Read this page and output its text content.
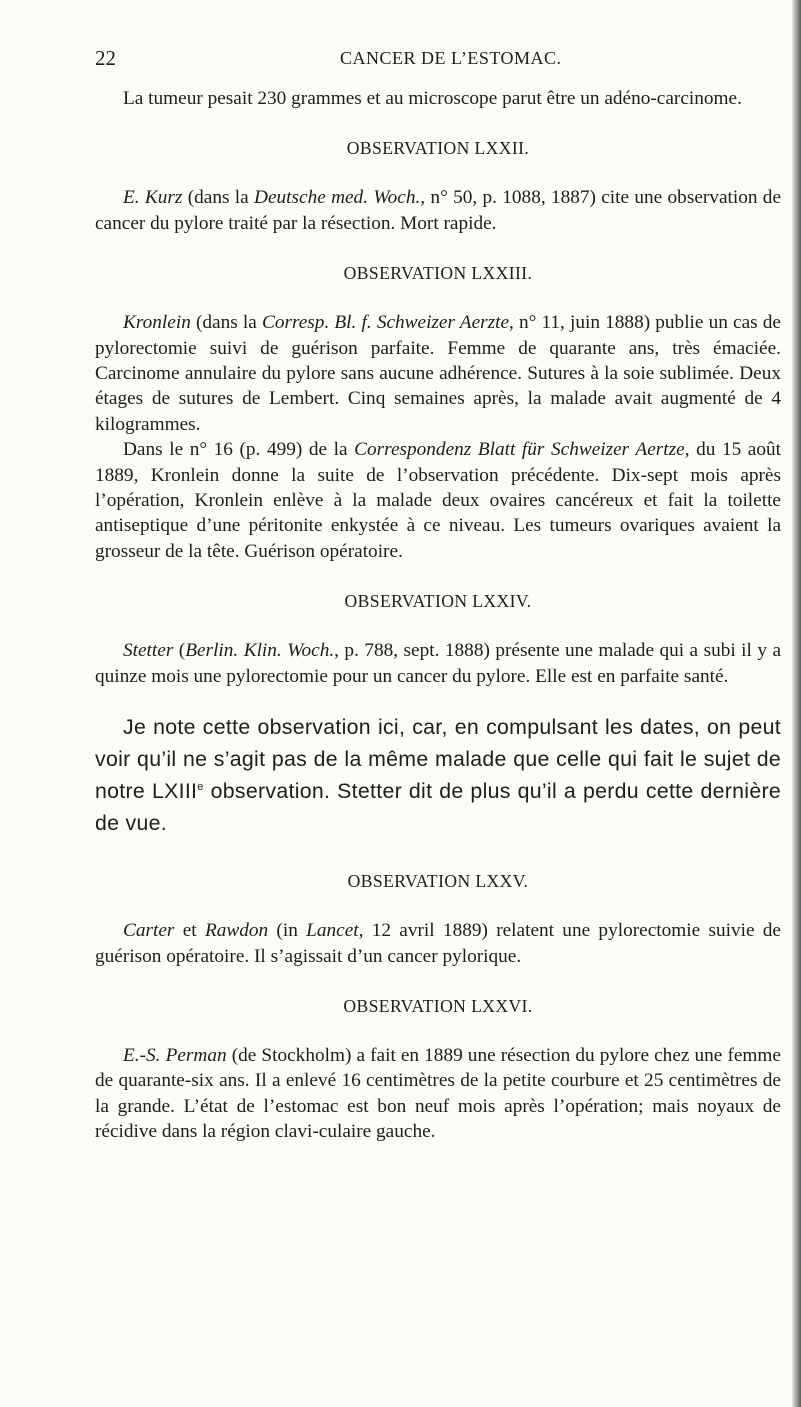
22	CANCER DE L’ESTOMAC.

La tumeur pesait 230 grammes et au microscope parut être un adéno-carcinome.

OBSERVATION LXXII.

E. Kurz (dans la Deutsche med. Woch., n° 50, p. 1088, 1887) cite une observation de cancer du pylore traité par la résection. Mort rapide.

OBSERVATION LXXIII.

Kronlein (dans la Corresp. Bl. f. Schweizer Aerzte, n° 11, juin 1888) publie un cas de pylorectomie suivi de guérison parfaite. Femme de quarante ans, très émaciée. Carcinome annulaire du pylore sans aucune adhérence. Sutures à la soie sublimée. Deux étages de sutures de Lembert. Cinq semaines après, la malade avait augmenté de 4 kilogrammes.

Dans le n° 16 (p. 499) de la Correspondenz Blatt für Schweizer Aertze, du 15 août 1889, Kronlein donne la suite de l’observation précédente. Dix-sept mois après l’opération, Kronlein enlève à la malade deux ovaires cancéreux et fait la toilette antiseptique d’une péritonite enkystée à ce niveau. Les tumeurs ovariques avaient la grosseur de la tête. Guérison opératoire.

OBSERVATION LXXIV.

Stetter (Berlin. Klin. Woch., p. 788, sept. 1888) présente une malade qui a subi il y a quinze mois une pylorectomie pour un cancer du pylore. Elle est en parfaite santé.

Je note cette observation ici, car, en compulsant les dates, on peut voir qu’il ne s’agit pas de la même malade que celle qui fait le sujet de notre LXIIIe observation. Stetter dit de plus qu’il a perdu cette dernière de vue.

OBSERVATION LXXV.

Carter et Rawdon (in Lancet, 12 avril 1889) relatent une pylorectomie suivie de guérison opératoire. Il s’agissait d’un cancer pylorique.

OBSERVATION LXXVI.

E.-S. Perman (de Stockholm) a fait en 1889 une résection du pylore chez une femme de quarante-six ans. Il a enlevé 16 centimètres de la petite courbure et 25 centimètres de la grande. L’état de l’estomac est bon neuf mois après l’opération; mais noyaux de récidive dans la région clavi-culaire gauche.
